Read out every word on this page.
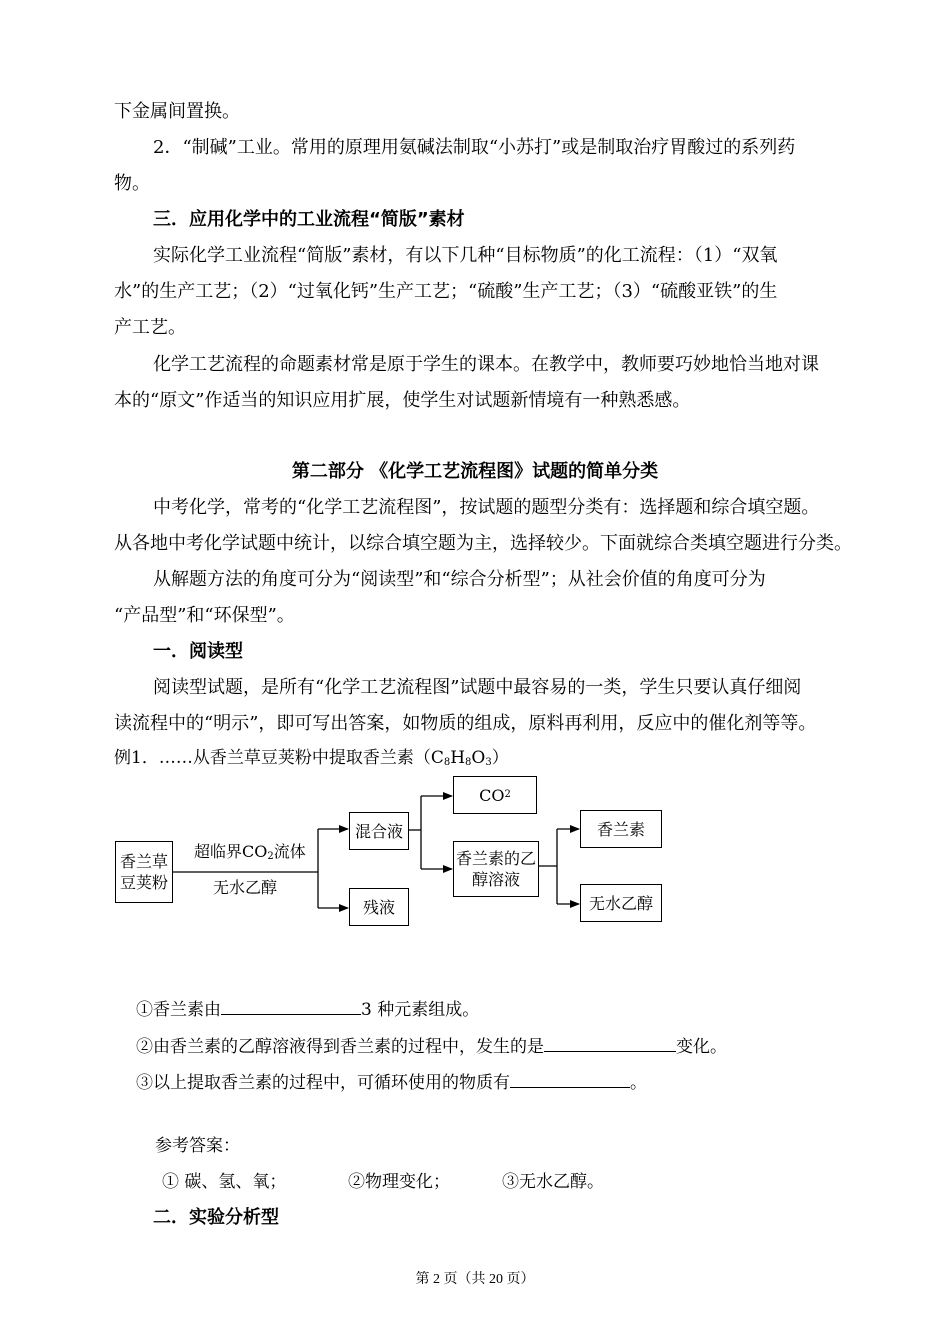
下金属间置换。
2．“制碱”工业。常用的原理用氨碱法制取“小苏打”或是制取治疗胃酸过的系列药
物。
三．应用化学中的工业流程“简版”素材
实际化学工业流程“简版”素材，有以下几种“目标物质”的化工流程：（1）“双氧
水”的生产工艺；（2）“过氧化钙”生产工艺；“硫酸”生产工艺；（3）“硫酸亚铁”的生
产工艺。
化学工艺流程的命题素材常是原于学生的课本。在教学中，教师要巧妙地恰当地对课
本的“原文”作适当的知识应用扩展，使学生对试题新情境有一种熟悉感。
第二部分 《化学工艺流程图》试题的简单分类
中考化学，常考的“化学工艺流程图”，按试题的题型分类有：选择题和综合填空题。
从各地中考化学试题中统计，以综合填空题为主，选择较少。下面就综合类填空题进行分类。
从解题方法的角度可分为“阅读型”和“综合分析型”；从社会价值的角度可分为
“产品型”和“环保型”。
一．阅读型
阅读型试题，是所有“化学工艺流程图”试题中最容易的一类，学生只要认真仔细阅
读流程中的“明示”，即可写出答案，如物质的组成，原料再利用，反应中的催化剂等等。
例1．……从香兰草豆荚粉中提取香兰素$(C_8H_8O_3)$
香兰草
豆荚粉
超临界$CO_2$流体
无水乙醇
混合液
残液
CO 2
香兰素的乙
醇溶液
香兰素
无水乙醇
①香兰素由	3 种元素组成。
②由香兰素的乙醇溶液得到香兰素的过程中，发生的是	变化。
③以上提取香兰素的过程中，可循环使用的物质有	。
参考答案：
① 碳、氢、氧；	②物理变化；	③无水乙醇。
二．实验分析型
第 2 页（共 20 页）
